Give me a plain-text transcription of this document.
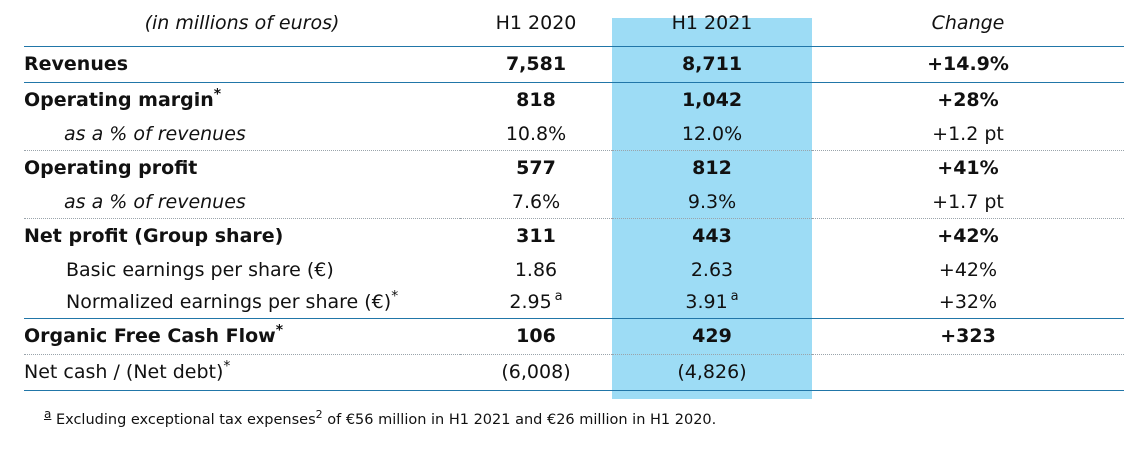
(in millions of euros)	H1 2020	H1 2021	Change
Revenues	7,581	8,711	+14.9%
Operating margin*	818	1,042	+28%
as a % of revenues	10.8%	12.0%	+1.2 pt
Operating profit	577	812	+41%
as a % of revenues	7.6%	9.3%	+1.7 pt
Net profit (Group share)	311	443	+42%
Basic earnings per share (€)	1.86	2.63	+42%
Normalized earnings per share (€)*	2.95 $^a$	3.91 $^a$	+32%
Organic Free Cash Flow*	106	429	+323
Net cash / (Net debt)*	(6,008)	(4,826)	

$^a$ Excluding exceptional tax expenses$^2$ of €56 million in H1 2021 and €26 million in H1 2020.
